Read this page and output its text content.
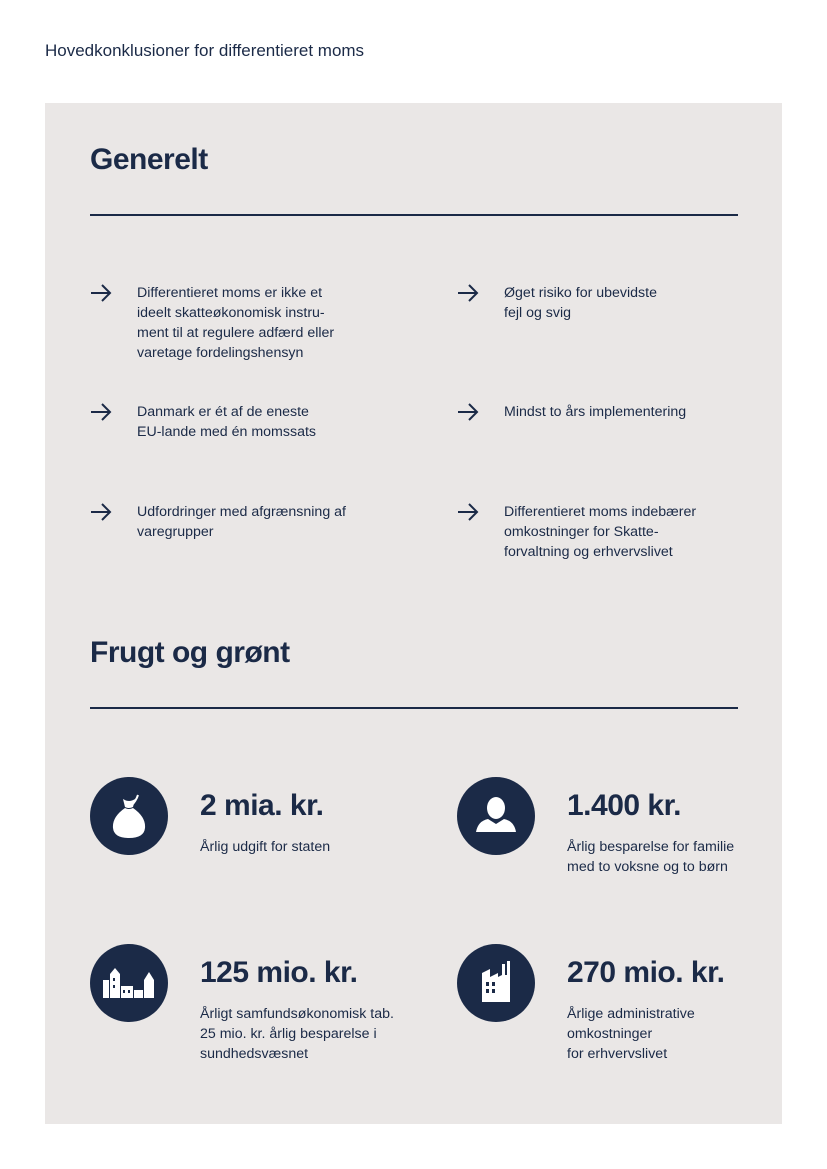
Hovedkonklusioner for differentieret moms
Generelt
Differentieret moms er ikke et
ideelt skatteøkonomisk instru-
ment til at regulere adfærd eller
varetage fordelingshensyn
Øget risiko for ubevidste
fejl og svig
Danmark er ét af de eneste
EU-lande med én momssats
Mindst to års implementering
Udfordringer med afgrænsning af
varegrupper
Differentieret moms indebærer
omkostninger for Skatte-
forvaltning og erhvervslivet
Frugt og grønt
2 mia. kr.
Årlig udgift for staten
1.400 kr.
Årlig besparelse for familie
med to voksne og to børn
125 mio. kr.
Årligt samfundsøkonomisk tab.
25 mio. kr. årlig besparelse i
sundhedsvæsnet
270 mio. kr.
Årlige administrative
omkostninger
for erhvervslivet
